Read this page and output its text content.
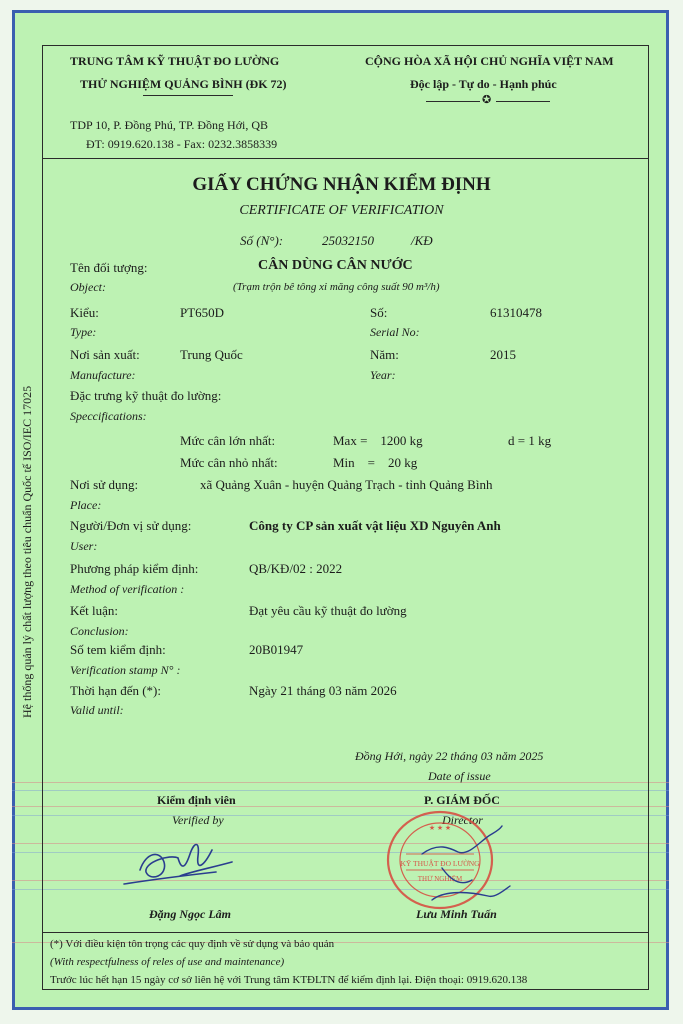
Hệ thống quản lý chất lượng theo tiêu chuẩn Quốc tế ISO/IEC 17025
TRUNG TÂM KỸ THUẬT ĐO LƯỜNG
THỬ NGHIỆM QUẢNG BÌNH (ĐK 72)
CỘNG HÒA XÃ HỘI CHỦ NGHĨA VIỆT NAM
Độc lập - Tự do - Hạnh phúc
✪
TDP 10, P. Đồng Phú, TP. Đồng Hới, QB
ĐT: 0919.620.138 - Fax: 0232.3858339
GIẤY CHỨNG NHẬN KIỂM ĐỊNH
CERTIFICATE OF VERIFICATION
Số (N°):	25032150	/KĐ
Tên đối tượng:	CÂN DÙNG CÂN NƯỚC
Object:	(Trạm trộn bê tông xi măng công suất 90 m³/h)
Kiểu:	PT650D	Số:	61310478
Type:	Serial No:
Nơi sản xuất:	Trung Quốc	Năm:	2015
Manufacture:	Year:
Đặc trưng kỹ thuật đo lường:
Speccifications:
Mức cân lớn nhất:	Max =    1200 kg	d = 1 kg
Mức cân nhỏ nhất:	Min    =    20 kg
Nơi sử dụng:	xã Quảng Xuân - huyện Quảng Trạch - tỉnh Quảng Bình
Place:
Người/Đơn vị sử dụng:	Công ty CP sản xuất vật liệu XD Nguyên Anh
User:
Phương pháp kiểm định:	QB/KĐ/02 : 2022
Method of verification :
Kết luận:	Đạt yêu cầu kỹ thuật đo lường
Conclusion:
Số tem kiểm định:	20B01947
Verification stamp N° :
Thời hạn đến (*):	Ngày 21 tháng 03 năm 2026
Valid until:
Đồng Hới, ngày 22 tháng 03 năm 2025
Date of issue
Kiểm định viên
Verified by
P. GIÁM ĐỐC
Director
KỸ THUẬT ĐO LƯỜNG
THỬ NGHIỆM
★ ★ ★
Đặng Ngọc Lâm	Lưu Minh Tuấn
(*) Với điều kiện tôn trọng các quy định về sử dụng và bảo quản
(With respectfulness of reles of use and maintenance)
Trước lúc hết hạn 15 ngày cơ sở liên hệ với Trung tâm KTĐLTN để kiểm định lại. Điện thoại: 0919.620.138
